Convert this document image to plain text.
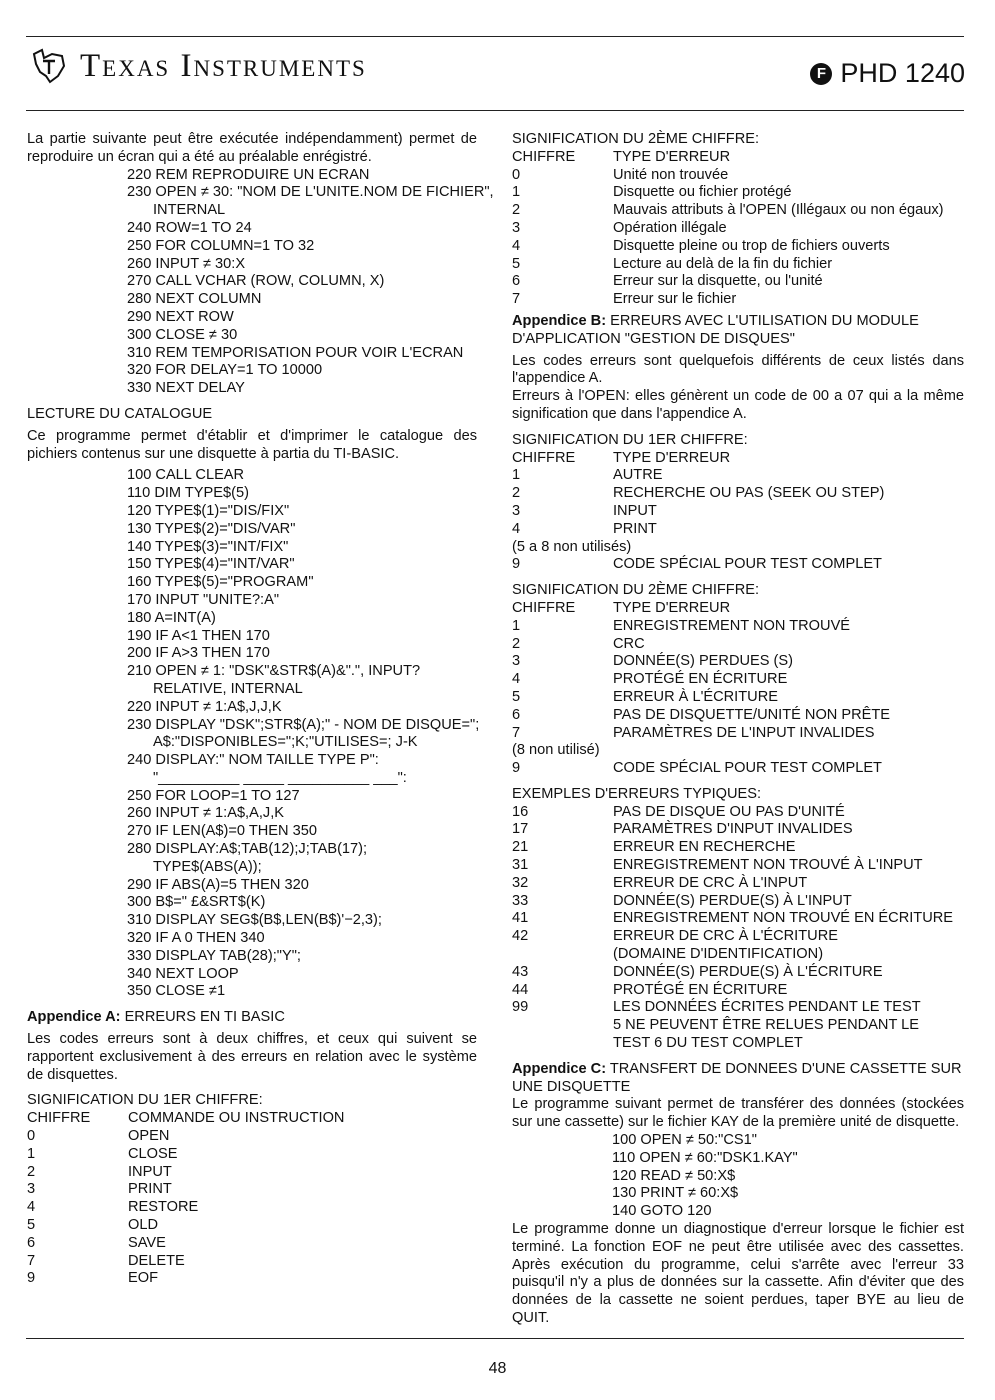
Texas Instruments	F PHD 1240

La partie suivante peut être exécutée indépendamment) permet de reproduire un écran qui a été au préalable enrégistré.

220 REM REPRODUIRE UN ECRAN
230 OPEN ≠ 30: "NOM DE L'UNITE.NOM DE FICHIER",
INTERNAL
240 ROW=1 TO 24
250 FOR COLUMN=1 TO 32
260 INPUT ≠ 30:X
270 CALL VCHAR (ROW, COLUMN, X)
280 NEXT COLUMN
290 NEXT ROW
300 CLOSE ≠ 30
310 REM TEMPORISATION POUR VOIR L'ECRAN
320 FOR DELAY=1 TO 10000
330 NEXT DELAY

LECTURE DU CATALOGUE

Ce programme permet d'établir et d'imprimer le catalogue des pichiers contenus sur une disquette à partia du TI-BASIC.

100 CALL CLEAR
110 DIM TYPE$(5)
120 TYPE$(1)="DIS/FIX"
130 TYPE$(2)="DIS/VAR"
140 TYPE$(3)="INT/FIX"
150 TYPE$(4)="INT/VAR"
160 TYPE$(5)="PROGRAM"
170 INPUT "UNITE?:A"
180 A=INT(A)
190 IF A<1 THEN 170
200 IF A>3 THEN 170
210 OPEN ≠ 1: "DSK"&STR$(A)&".", INPUT?
RELATIVE, INTERNAL
220 INPUT ≠ 1:A$,J,J,K
230 DISPLAY "DSK";STR$(A);" - NOM DE DISQUE=";
A$:"DISPONIBLES=";K;"UTILISES=; J-K
240 DISPLAY:" NOM TAILLE TYPE P":
"__________ _____ __________ ___":
250 FOR LOOP=1 TO 127
260 INPUT ≠ 1:A$,A,J,K
270 IF LEN(A$)=0 THEN 350
280 DISPLAY:A$;TAB(12);J;TAB(17);
TYPE$(ABS(A));
290 IF ABS(A)=5 THEN 320
300 B$=" £&SRT$(K)
310 DISPLAY SEG$(B$,LEN(B$)'−2,3);
320 IF A 0 THEN 340
330 DISPLAY TAB(28);"Y";
340 NEXT LOOP
350 CLOSE ≠1

Appendice A: ERREURS EN TI BASIC

Les codes erreurs sont à deux chiffres, et ceux qui suivent se rapportent exclusivement à des erreurs en relation avec le système de disquettes.

SIGNIFICATION DU 1ER CHIFFRE:

CHIFFRE	COMMANDE OU INSTRUCTION
0	OPEN
1	CLOSE
2	INPUT
3	PRINT
4	RESTORE
5	OLD
6	SAVE
7	DELETE
9	EOF

SIGNIFICATION DU 2ÈME CHIFFRE:

CHIFFRE	TYPE D'ERREUR
0	Unité non trouvée
1	Disquette ou fichier protégé
2	Mauvais attributs à l'OPEN (Illégaux ou non égaux)
3	Opération illégale
4	Disquette pleine ou trop de fichiers ouverts
5	Lecture au delà de la fin du fichier
6	Erreur sur la disquette, ou l'unité
7	Erreur sur le fichier

Appendice B: ERREURS AVEC L'UTILISATION DU MODULE D'APPLICATION "GESTION DE DISQUES"

Les codes erreurs sont quelquefois différents de ceux listés dans l'appendice A.

Erreurs à l'OPEN: elles génèrent un code de 00 a 07 qui a la même signification que dans l'appendice A.

SIGNIFICATION DU 1ER CHIFFRE:

CHIFFRE	TYPE D'ERREUR
1	AUTRE
2	RECHERCHE OU PAS (SEEK OU STEP)
3	INPUT
4	PRINT
(5 a 8 non utilisés)
9	CODE SPÉCIAL POUR TEST COMPLET

SIGNIFICATION DU 2ÈME CHIFFRE:

CHIFFRE	TYPE D'ERREUR
1	ENREGISTREMENT NON TROUVÉ
2	CRC
3	DONNÉE(S) PERDUES (S)
4	PROTÉGÉ EN ÉCRITURE
5	ERREUR À L'ÉCRITURE
6	PAS DE DISQUETTE/UNITÉ NON PRÊTE
7	PARAMÈTRES DE L'INPUT INVALIDES
(8 non utilisé)
9	CODE SPÉCIAL POUR TEST COMPLET

EXEMPLES D'ERREURS TYPIQUES:

16	PAS DE DISQUE OU PAS D'UNITÉ
17	PARAMÈTRES D'INPUT INVALIDES
21	ERREUR EN RECHERCHE
31	ENREGISTREMENT NON TROUVÉ À L'INPUT
32	ERREUR DE CRC À L'INPUT
33	DONNÉE(S) PERDUE(S) À L'INPUT
41	ENREGISTREMENT NON TROUVÉ EN ÉCRITURE
42	ERREUR DE CRC À L'ÉCRITURE (DOMAINE D'IDENTIFICATION)
43	DONNÉE(S) PERDUE(S) À L'ÉCRITURE
44	PROTÉGÉ EN ÉCRITURE
99	LES DONNÉES ÉCRITES PENDANT LE TEST 5 NE PEUVENT ÊTRE RELUES PENDANT LE TEST 6 DU TEST COMPLET

Appendice C: TRANSFERT DE DONNEES D'UNE CASSETTE SUR UNE DISQUETTE

Le programme suivant permet de transférer des données (stockées sur une cassette) sur le fichier KAY de la première unité de disquette.

100 OPEN ≠ 50:"CS1"
110 OPEN ≠ 60:"DSK1.KAY"
120 READ ≠ 50:X$
130 PRINT ≠ 60:X$
140 GOTO 120

Le programme donne un diagnostique d'erreur lorsque le fichier est terminé. La fonction EOF ne peut être utilisée avec des cassettes. Après exécution du programme, celui s'arrête avec l'erreur 33 puisqu'il n'y a plus de données sur la cassette. Afin d'éviter que des données de la cassette ne soient perdues, taper BYE au lieu de QUIT.

48
